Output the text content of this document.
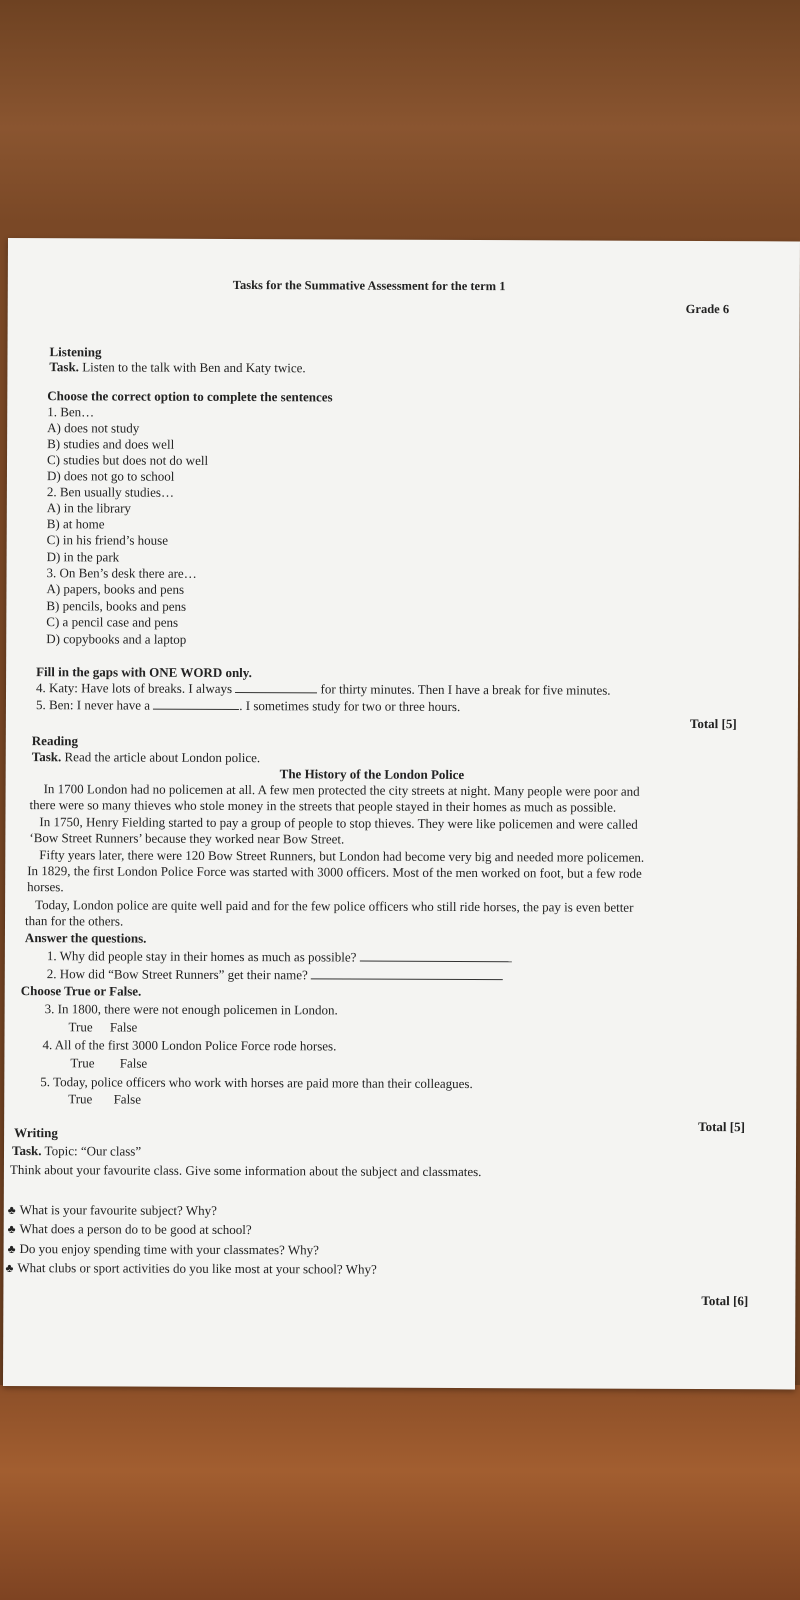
Tasks for the Summative Assessment for the term 1
Grade 6
Listening
Task. Listen to the talk with Ben and Katy twice.
Choose the correct option to complete the sentences
1. Ben…
A) does not study
B) studies and does well
C) studies but does not do well
D) does not go to school
2. Ben usually studies…
A) in the library
B) at home
C) in his friend’s house
D) in the park
3. On Ben’s desk there are…
A) papers, books and pens
B) pencils, books and pens
C) a pencil case and pens
D) copybooks and a laptop
Fill in the gaps with ONE WORD only.
4. Katy: Have lots of breaks. I always	for thirty minutes. Then I have a break for five minutes.
5. Ben: I never have a	. I sometimes study for two or three hours.
Total [5]
Reading
Task. Read the article about London police.
The History of the London Police
In 1700 London had no policemen at all. A few men protected the city streets at night. Many people were poor and
there were so many thieves who stole money in the streets that people stayed in their homes as much as possible.
In 1750, Henry Fielding started to pay a group of people to stop thieves. They were like policemen and were called
‘Bow Street Runners’ because they worked near Bow Street.
Fifty years later, there were 120 Bow Street Runners, but London had become very big and needed more policemen.
In 1829, the first London Police Force was started with 3000 officers. Most of the men worked on foot, but a few rode
horses.
Today, London police are quite well paid and for the few police officers who still ride horses, the pay is even better
than for the others.
Answer the questions.
1. Why did people stay in their homes as much as possible?
2. How did “Bow Street Runners” get their name?
Choose True or False.
3. In 1800, there were not enough policemen in London.
True False
4. All of the first 3000 London Police Force rode horses.
True False
5. Today, police officers who work with horses are paid more than their colleagues.
True False
Total [5]
Writing
Task. Topic: “Our class”
Think about your favourite class. Give some information about the subject and classmates.
♣ What is your favourite subject? Why?
♣ What does a person do to be good at school?
♣ Do you enjoy spending time with your classmates? Why?
♣ What clubs or sport activities do you like most at your school? Why?
Total [6]
